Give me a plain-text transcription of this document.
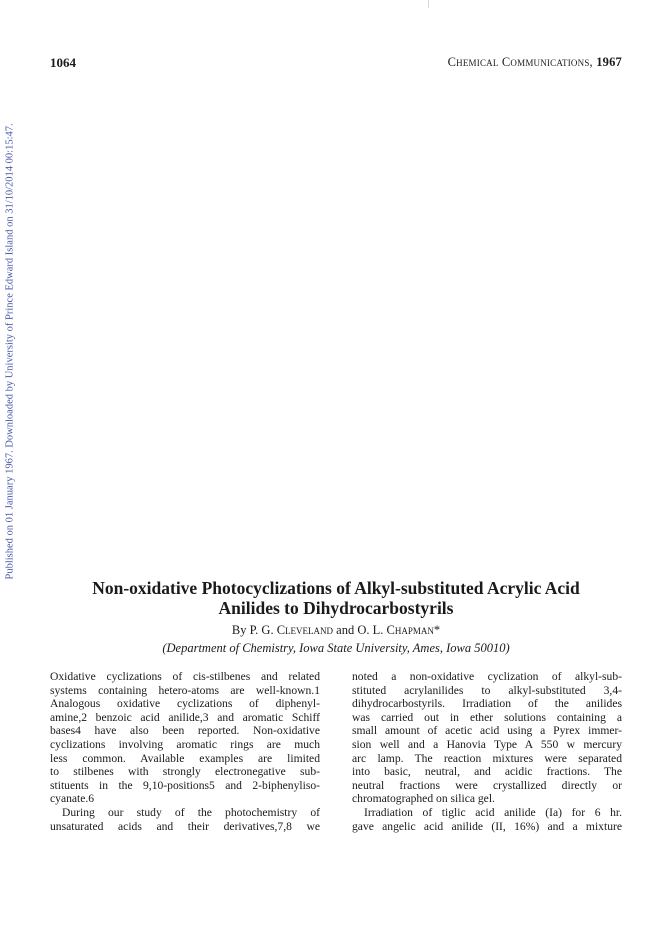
1064	Chemical Communications, 1967
Published on 01 January 1967. Downloaded by University of Prince Edward Island on 31/10/2014 00:15:47.
Non-oxidative Photocyclizations of Alkyl-substituted Acrylic Acid
Anilides to Dihydrocarbostyrils
By P. G. Cleveland and O. L. Chapman*
(Department of Chemistry, Iowa State University, Ames, Iowa 50010)
Oxidative cyclizations of cis-stilbenes and related
systems containing hetero-atoms are well-known.1
Analogous oxidative cyclizations of diphenyl-
amine,2 benzoic acid anilide,3 and aromatic Schiff
bases4 have also been reported. Non-oxidative
cyclizations involving aromatic rings are much
less common. Available examples are limited
to stilbenes with strongly electronegative sub-
stituents in the 9,10-positions5 and 2-biphenyliso-
cyanate.6
During our study of the photochemistry of
unsaturated acids and their derivatives,7,8 we
noted a non-oxidative cyclization of alkyl-sub-
stituted acrylanilides to alkyl-substituted 3,4-
dihydrocarbostyrils. Irradiation of the anilides
was carried out in ether solutions containing a
small amount of acetic acid using a Pyrex immer-
sion well and a Hanovia Type A 550 w mercury
arc lamp. The reaction mixtures were separated
into basic, neutral, and acidic fractions. The
neutral fractions were crystallized directly or
chromatographed on silica gel.
Irradiation of tiglic acid anilide (Ia) for 6 hr.
gave angelic acid anilide (II, 16%) and a mixture
